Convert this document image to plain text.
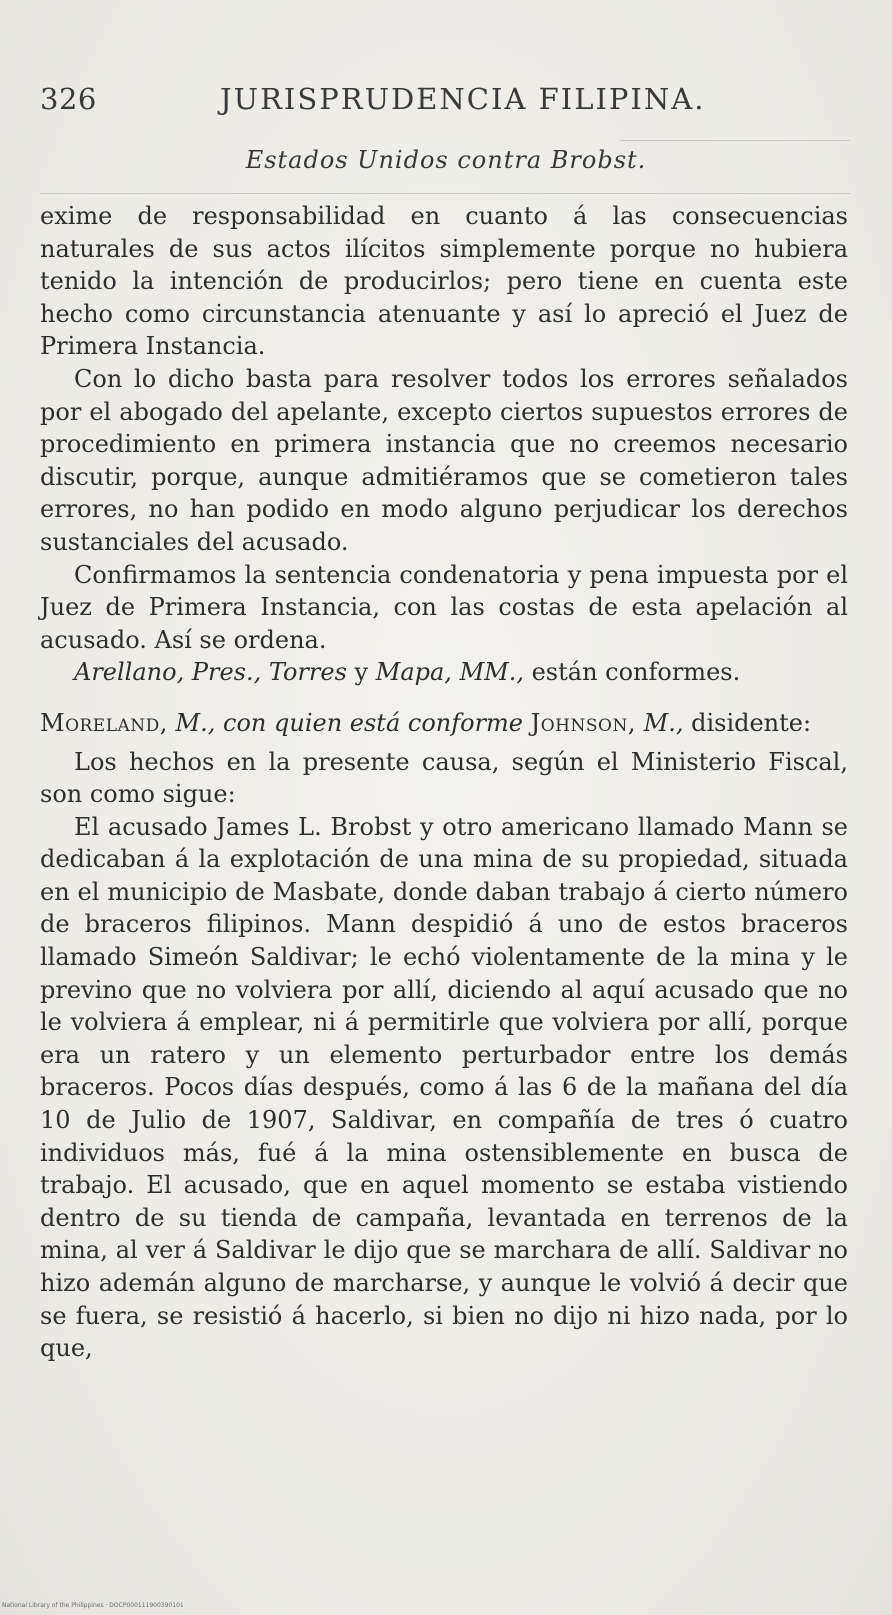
326	JURISPRUDENCIA FILIPINA.
Estados Unidos contra Brobst.

exime de responsabilidad en cuanto á las consecuencias naturales de sus actos ilícitos simplemente porque no hubiera tenido la intención de producirlos; pero tiene en cuenta este hecho como circunstancia atenuante y así lo apreció el Juez de Primera Instancia.

Con lo dicho basta para resolver todos los errores señalados por el abogado del apelante, excepto ciertos supuestos errores de procedimiento en primera instancia que no creemos necesario discutir, porque, aunque admitiéramos que se cometieron tales errores, no han podido en modo alguno perjudicar los derechos sustanciales del acusado.

Confirmamos la sentencia condenatoria y pena impuesta por el Juez de Primera Instancia, con las costas de esta apelación al acusado. Así se ordena.

Arellano, Pres., Torres y Mapa, MM., están conformes.

Moreland, M., con quien está conforme Johnson, M., disidente:

Los hechos en la presente causa, según el Ministerio Fiscal, son como sigue:

El acusado James L. Brobst y otro americano llamado Mann se dedicaban á la explotación de una mina de su propiedad, situada en el municipio de Masbate, donde daban trabajo á cierto número de braceros filipinos. Mann despidió á uno de estos braceros llamado Simeón Saldivar; le echó violentamente de la mina y le previno que no volviera por allí, diciendo al aquí acusado que no le volviera á emplear, ni á permitirle que volviera por allí, porque era un ratero y un elemento perturbador entre los demás braceros. Pocos días después, como á las 6 de la mañana del día 10 de Julio de 1907, Saldivar, en compañía de tres ó cuatro individuos más, fué á la mina ostensiblemente en busca de trabajo. El acusado, que en aquel momento se estaba vistiendo dentro de su tienda de campaña, levantada en terrenos de la mina, al ver á Saldivar le dijo que se marchara de allí. Saldivar no hizo ademán alguno de marcharse, y aunque le volvió á decir que se fuera, se resistió á hacerlo, si bien no dijo ni hizo nada, por lo que,

National Library of the Philippines · DOCP000111900390101
